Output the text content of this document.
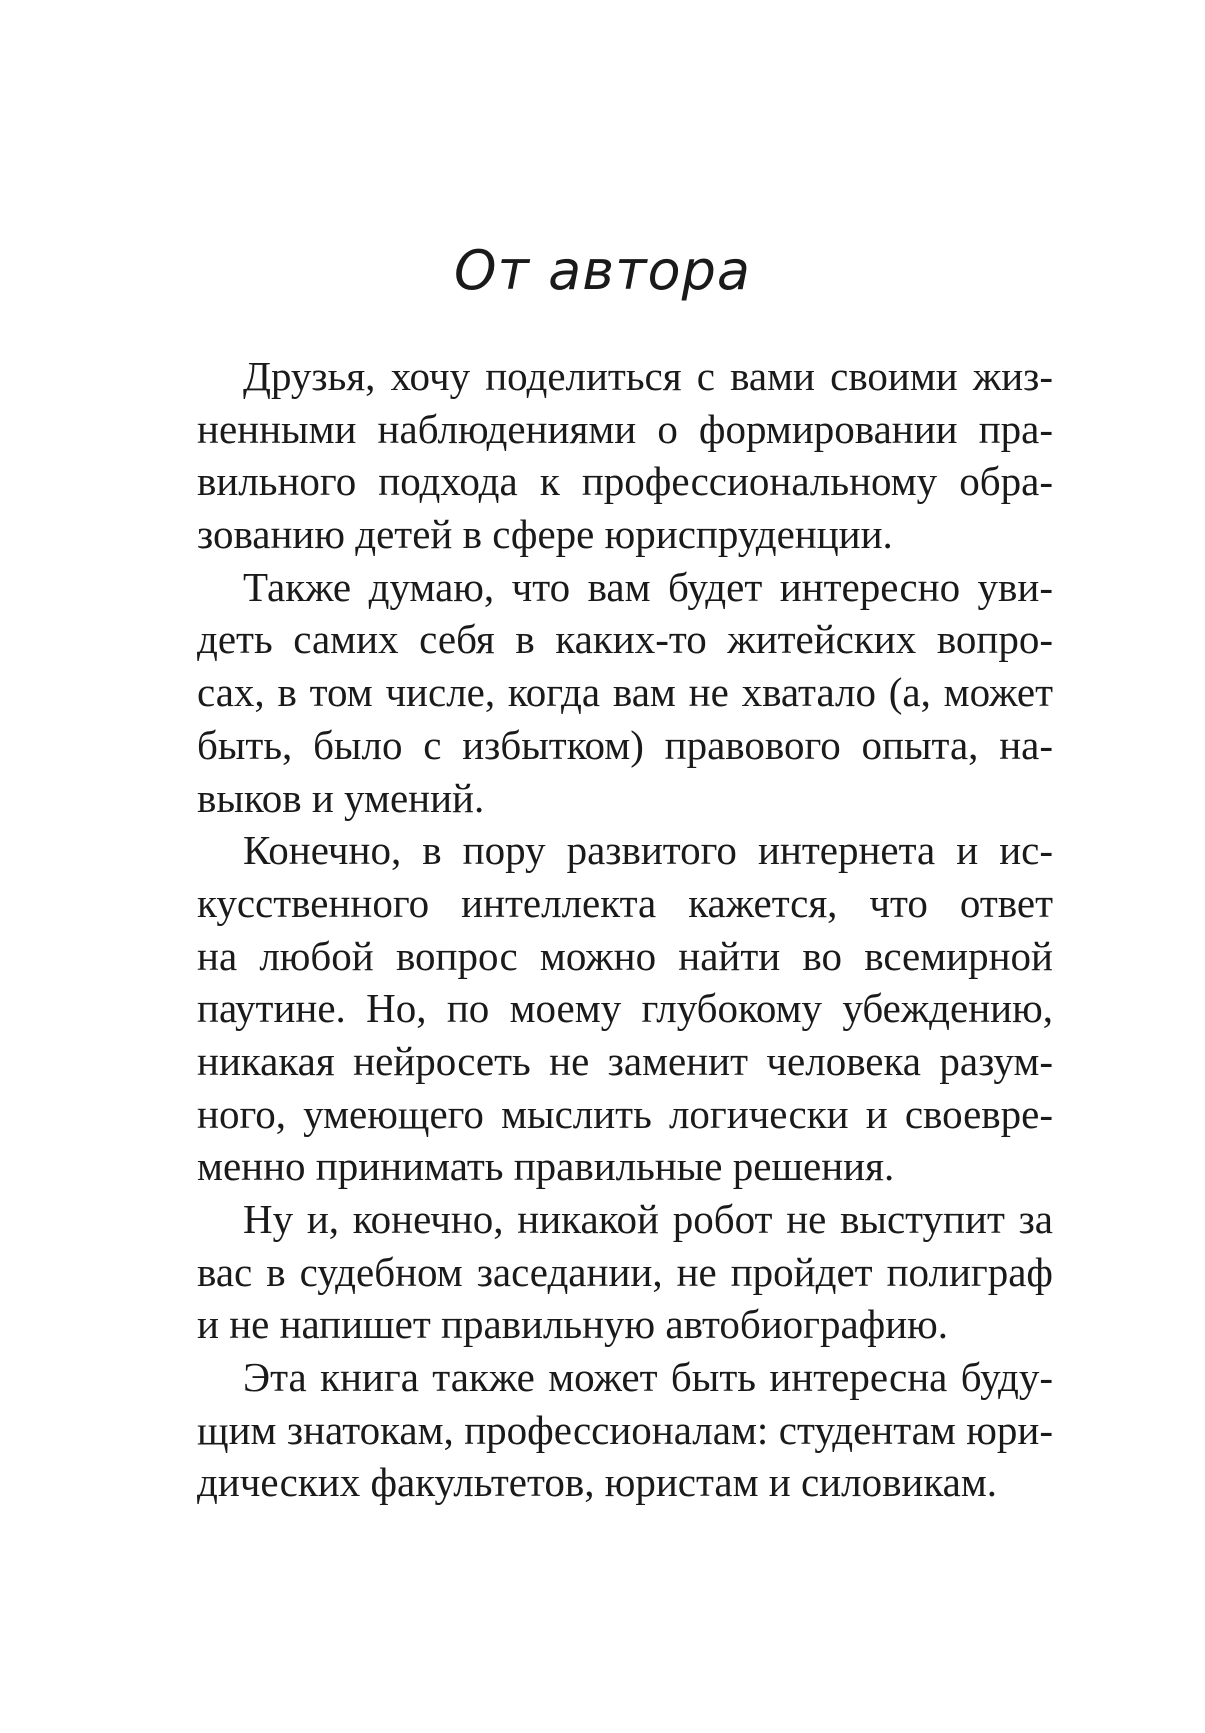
От автора

Друзья, хочу поделиться с вами своими жиз-
ненными наблюдениями о формировании пра-
вильного подхода к профессиональному обра-
зованию детей в сфере юриспруденции.

Также думаю, что вам будет интересно уви-
деть самих себя в каких-то житейских вопро-
сах, в том числе, когда вам не хватало (а, может
быть, было с избытком) правового опыта, на-
выков и умений.

Конечно, в пору развитого интернета и ис-
кусственного интеллекта кажется, что ответ
на любой вопрос можно найти во всемирной
паутине. Но, по моему глубокому убеждению,
никакая нейросеть не заменит человека разум-
ного, умеющего мыслить логически и своевре-
менно принимать правильные решения.

Ну и, конечно, никакой робот не выступит за
вас в судебном заседании, не пройдет полиграф
и не напишет правильную автобиографию.

Эта книга также может быть интересна буду-
щим знатокам, профессионалам: студентам юри-
дических факультетов, юристам и силовикам.
